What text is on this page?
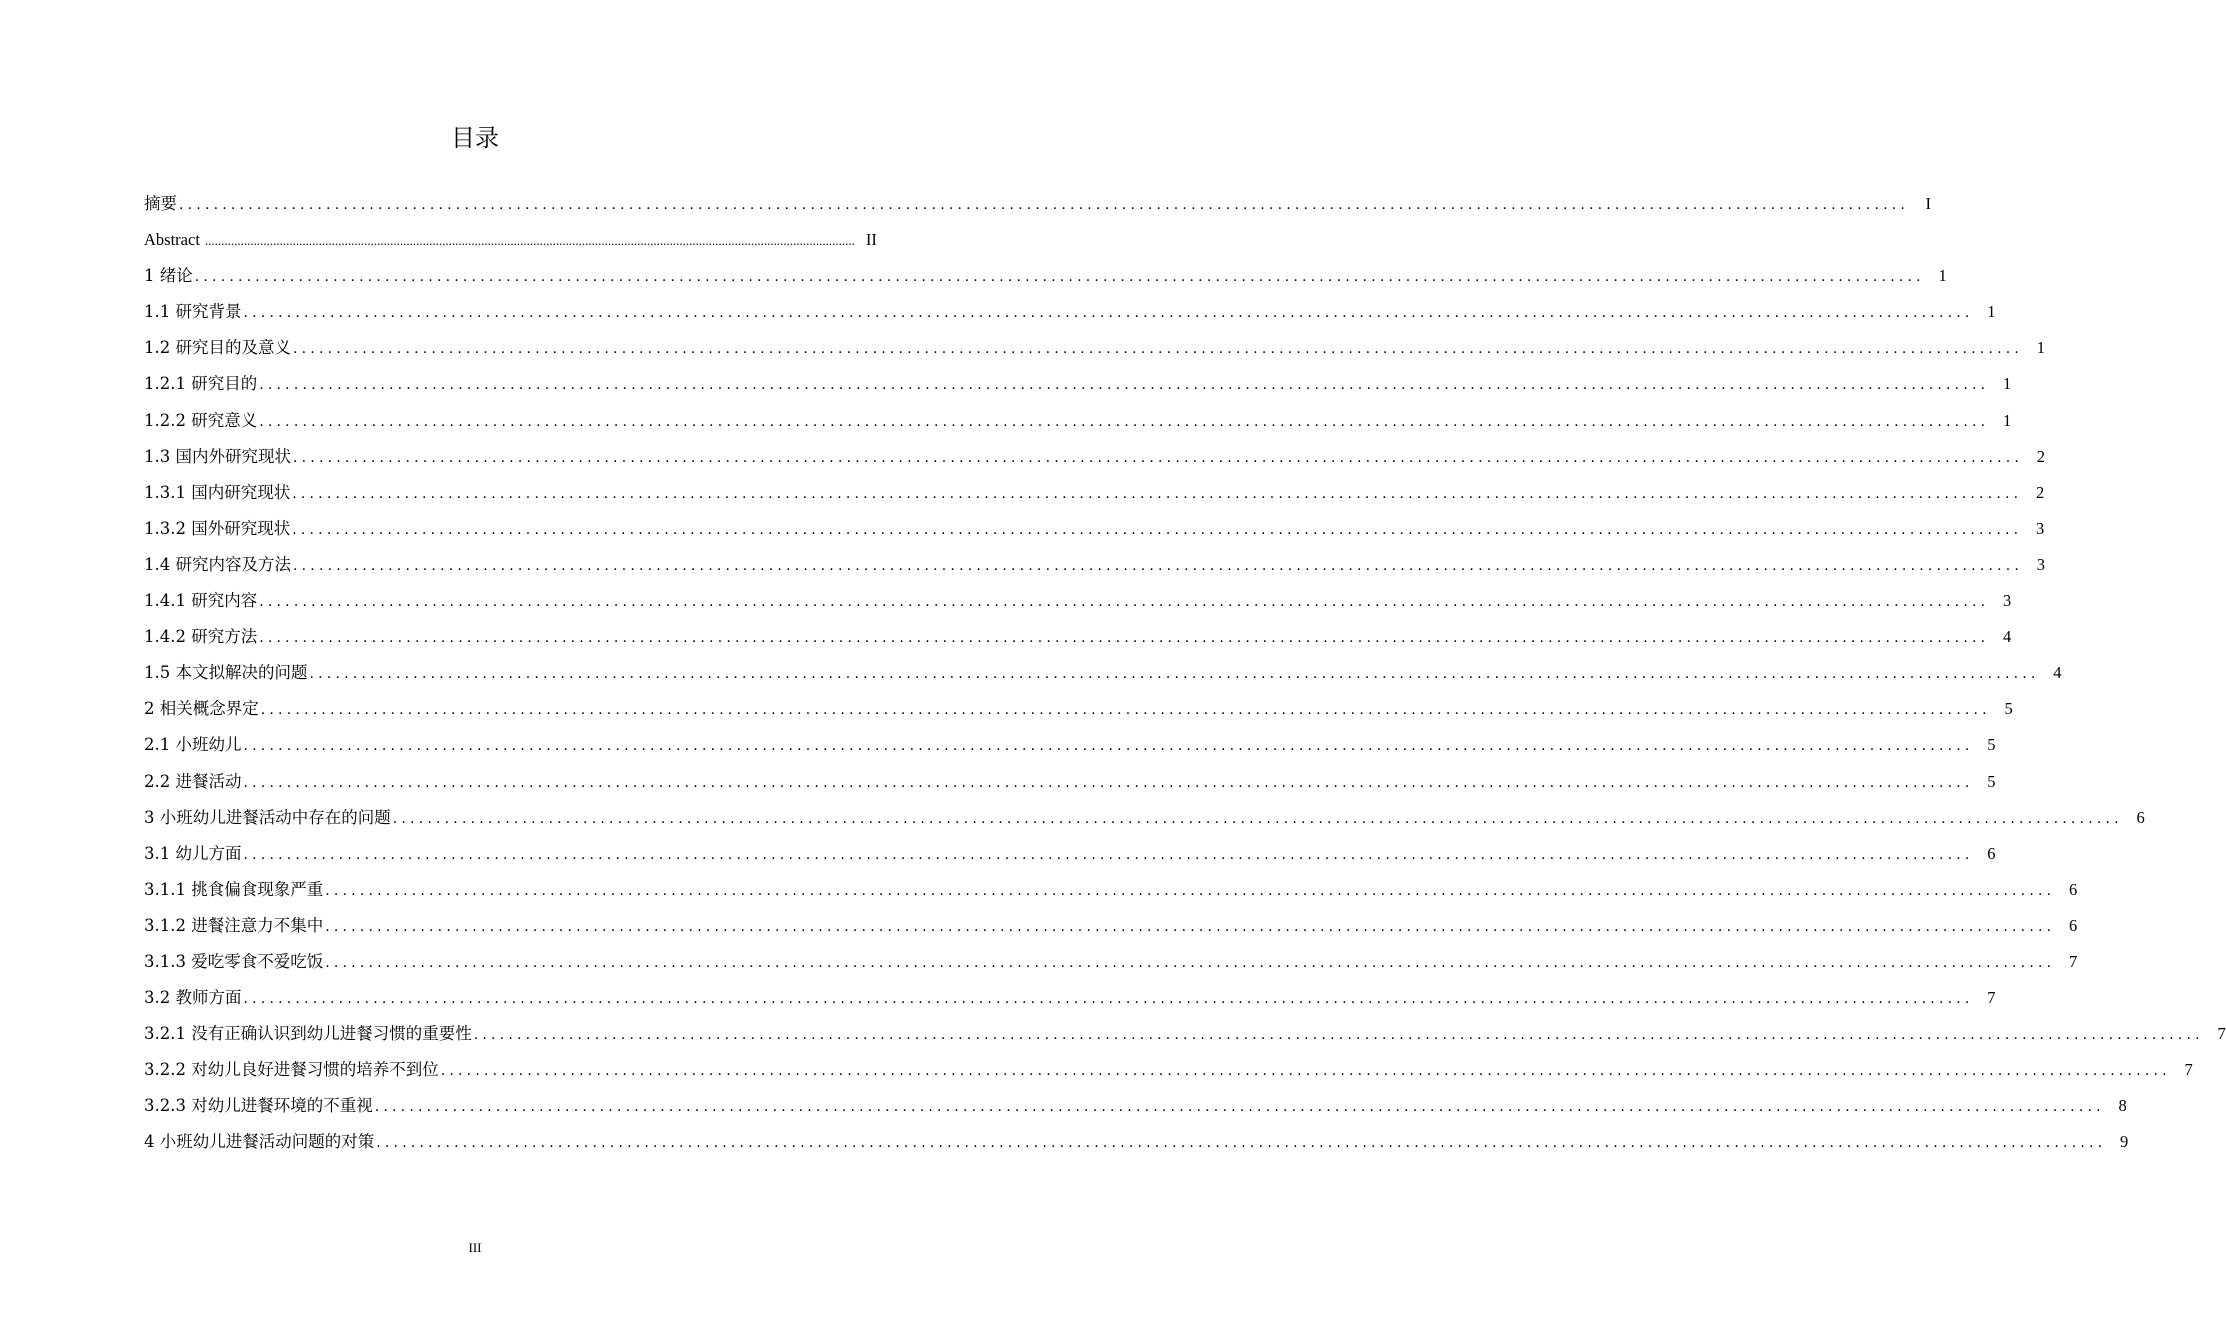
目录
摘要 ........................................................................................................................................................................................................	I
Abstract ........................................................................................................................................................................................................ II
1 绪论 ........................................................................................................................................................................................................ 1
1.1 研究背景 ........................................................................................................................................................................................................ 1
1.2 研究目的及意义 ........................................................................................................................................................................................................ 1
1.2.1 研究目的 ........................................................................................................................................................................................................ 1
1.2.2 研究意义 ........................................................................................................................................................................................................ 1
1.3 国内外研究现状 ........................................................................................................................................................................................................ 2
1.3.1 国内研究现状 ........................................................................................................................................................................................................ 2
1.3.2 国外研究现状 ........................................................................................................................................................................................................ 3
1.4 研究内容及方法 ........................................................................................................................................................................................................ 3
1.4.1 研究内容 ........................................................................................................................................................................................................ 3
1.4.2 研究方法 ........................................................................................................................................................................................................ 4
1.5 本文拟解决的问题 ........................................................................................................................................................................................................ 4
2 相关概念界定 ........................................................................................................................................................................................................ 5
2.1 小班幼儿 ........................................................................................................................................................................................................ 5
2.2 进餐活动 ........................................................................................................................................................................................................ 5
3 小班幼儿进餐活动中存在的问题 ........................................................................................................................................................................................................ 6
3.1 幼儿方面 ........................................................................................................................................................................................................ 6
3.1.1 挑食偏食现象严重 ........................................................................................................................................................................................................ 6
3.1.2 进餐注意力不集中 ........................................................................................................................................................................................................ 6
3.1.3 爱吃零食不爱吃饭 ........................................................................................................................................................................................................ 7
3.2 教师方面 ........................................................................................................................................................................................................ 7
3.2.1 没有正确认识到幼儿进餐习惯的重要性 ........................................................................................................................................................................................................ 7
3.2.2 对幼儿良好进餐习惯的培养不到位 ........................................................................................................................................................................................................ 7
3.2.3 对幼儿进餐环境的不重视 ........................................................................................................................................................................................................ 8
4 小班幼儿进餐活动问题的对策 ........................................................................................................................................................................................................ 9
III
